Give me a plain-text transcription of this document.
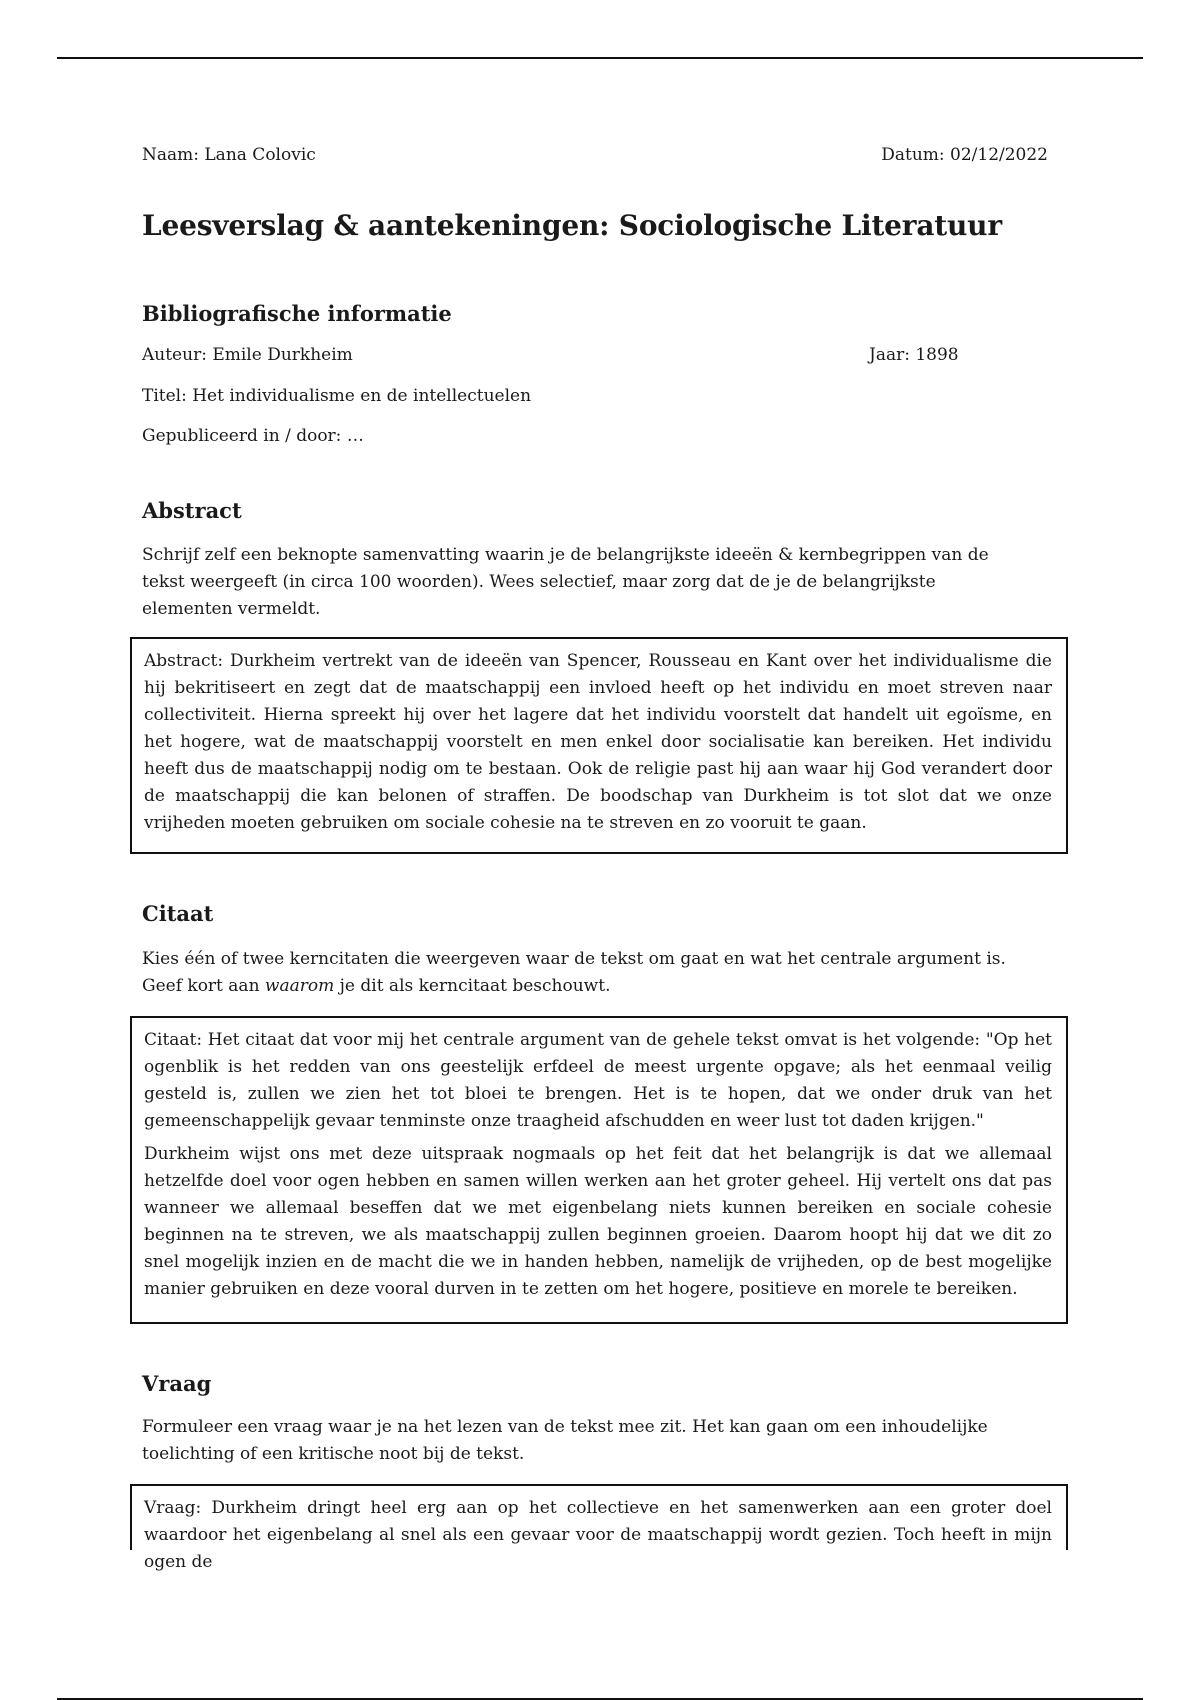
Naam: Lana Colovic	Datum: 02/12/2022
Leesverslag & aantekeningen: Sociologische Literatuur
Bibliografische informatie

Auteur: Emile Durkheim	Jaar: 1898

Titel: Het individualisme en de intellectuelen

Gepubliceerd in / door: …

Abstract

Schrijf zelf een beknopte samenvatting waarin je de belangrijkste ideeën & kernbegrippen van de tekst weergeeft (in circa 100 woorden). Wees selectief, maar zorg dat de je de belangrijkste elementen vermeldt.

Abstract: Durkheim vertrekt van de ideeën van Spencer, Rousseau en Kant over het individualisme die hij bekritiseert en zegt dat de maatschappij een invloed heeft op het individu en moet streven naar collectiviteit. Hierna spreekt hij over het lagere dat het individu voorstelt dat handelt uit egoïsme, en het hogere, wat de maatschappij voorstelt en men enkel door socialisatie kan bereiken. Het individu heeft dus de maatschappij nodig om te bestaan. Ook de religie past hij aan waar hij God verandert door de maatschappij die kan belonen of straffen. De boodschap van Durkheim is tot slot dat we onze vrijheden moeten gebruiken om sociale cohesie na te streven en zo vooruit te gaan.

Citaat

Kies één of twee kerncitaten die weergeven waar de tekst om gaat en wat het centrale argument is.
Geef kort aan waarom je dit als kerncitaat beschouwt.

Citaat: Het citaat dat voor mij het centrale argument van de gehele tekst omvat is het volgende: "Op het ogenblik is het redden van ons geestelijk erfdeel de meest urgente opgave; als het eenmaal veilig gesteld is, zullen we zien het tot bloei te brengen. Het is te hopen, dat we onder druk van het gemeenschappelijk gevaar tenminste onze traagheid afschudden en weer lust tot daden krijgen."

Durkheim wijst ons met deze uitspraak nogmaals op het feit dat het belangrijk is dat we allemaal hetzelfde doel voor ogen hebben en samen willen werken aan het groter geheel. Hij vertelt ons dat pas wanneer we allemaal beseffen dat we met eigenbelang niets kunnen bereiken en sociale cohesie beginnen na te streven, we als maatschappij zullen beginnen groeien. Daarom hoopt hij dat we dit zo snel mogelijk inzien en de macht die we in handen hebben, namelijk de vrijheden, op de best mogelijke manier gebruiken en deze vooral durven in te zetten om het hogere, positieve en morele te bereiken.

Vraag

Formuleer een vraag waar je na het lezen van de tekst mee zit. Het kan gaan om een inhoudelijke toelichting of een kritische noot bij de tekst.

Vraag: Durkheim dringt heel erg aan op het collectieve en het samenwerken aan een groter doel waardoor het eigenbelang al snel als een gevaar voor de maatschappij wordt gezien. Toch heeft in mijn ogen de
